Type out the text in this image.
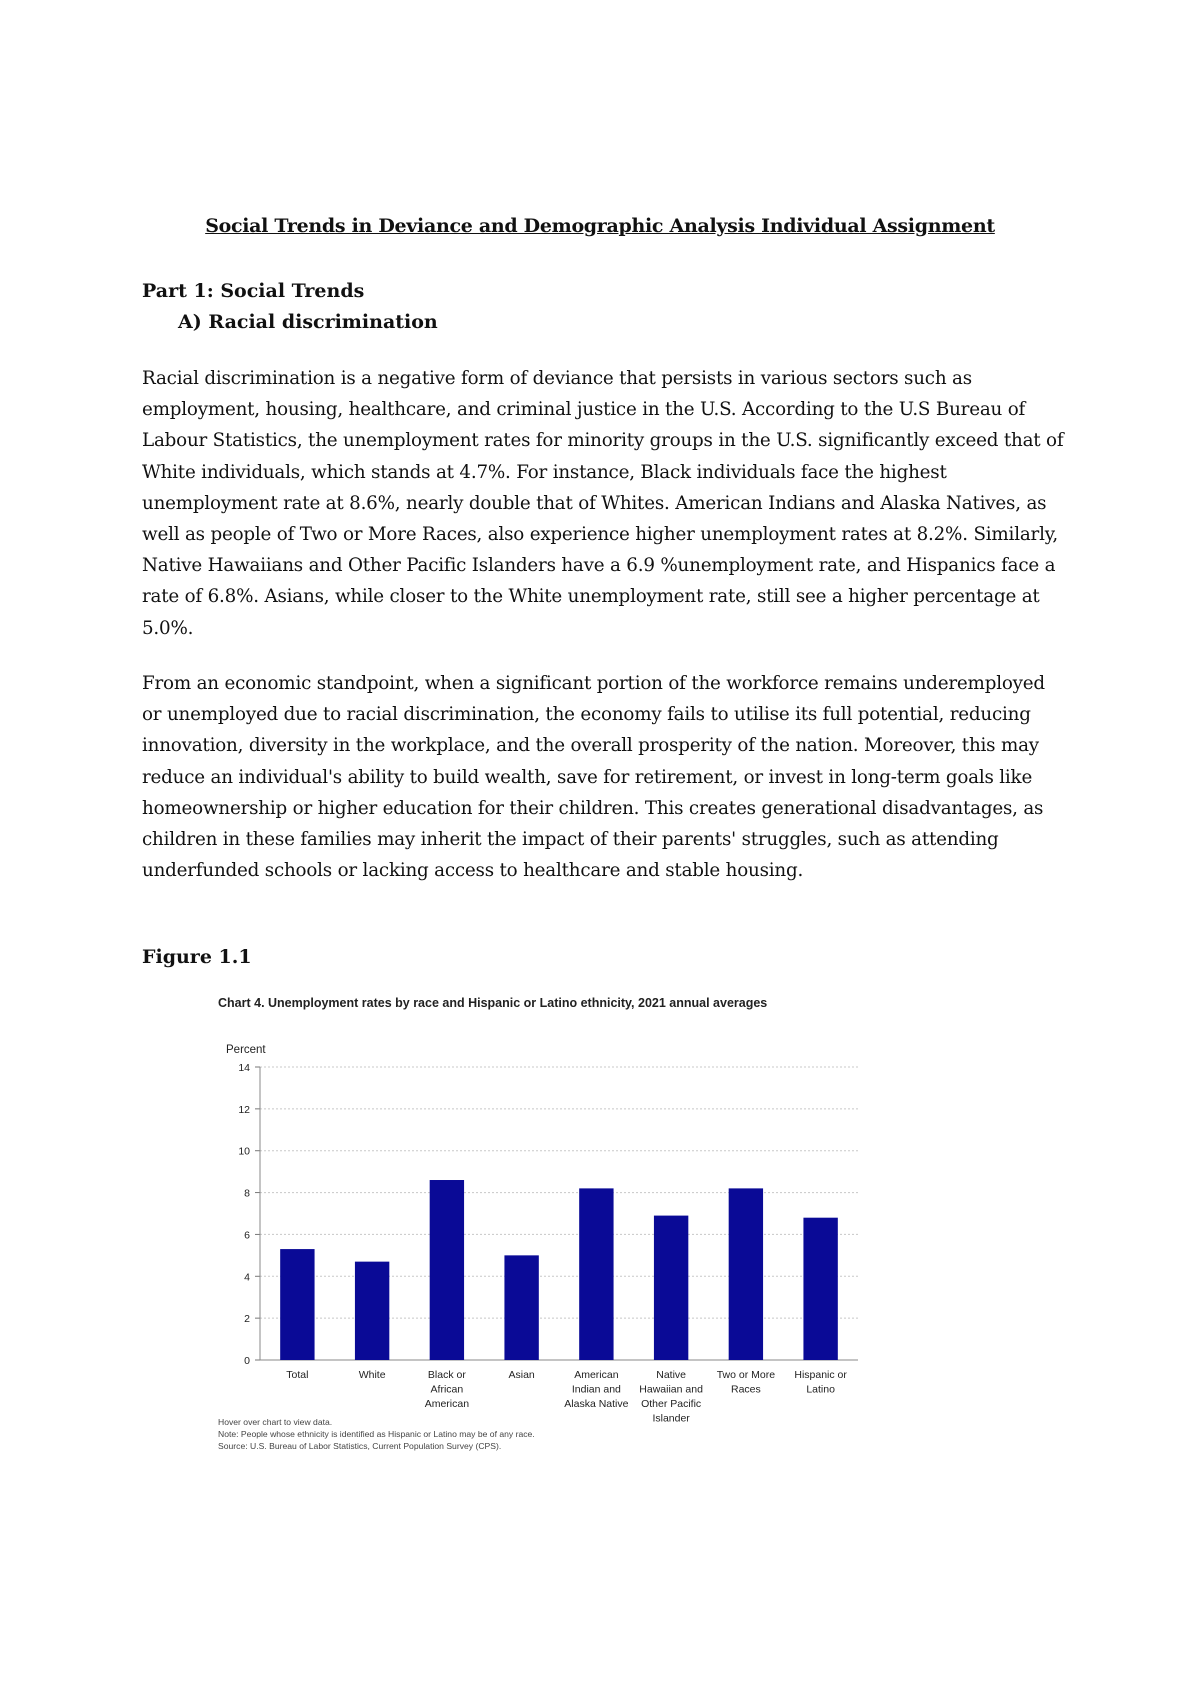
Social Trends in Deviance and Demographic Analysis Individual Assignment
Part 1: Social Trends
A) Racial discrimination

Racial discrimination is a negative form of deviance that persists in various sectors such as employment, housing, healthcare, and criminal justice in the U.S. According to the U.S Bureau of Labour Statistics, the unemployment rates for minority groups in the U.S. significantly exceed that of White individuals, which stands at 4.7%. For instance, Black individuals face the highest unemployment rate at 8.6%, nearly double that of Whites. American Indians and Alaska Natives, as well as people of Two or More Races, also experience higher unemployment rates at 8.2%. Similarly, Native Hawaiians and Other Pacific Islanders have a 6.9 %unemployment rate, and Hispanics face a rate of 6.8%. Asians, while closer to the White unemployment rate, still see a higher percentage at 5.0%.

From an economic standpoint, when a significant portion of the workforce remains underemployed or unemployed due to racial discrimination, the economy fails to utilise its full potential, reducing innovation, diversity in the workplace, and the overall prosperity of the nation. Moreover, this may reduce an individual's ability to build wealth, save for retirement, or invest in long-term goals like homeownership or higher education for their children. This creates generational disadvantages, as children in these families may inherit the impact of their parents' struggles, such as attending underfunded schools or lacking access to healthcare and stable housing.

Figure 1.1
Chart 4. Unemployment rates by race and Hispanic or Latino ethnicity, 2021 annual averages
Percent
0
2
4
6
8
10
12
14
Total	White	Black or African American
Asian	American Indian and Alaska Native
Native Hawaiian and Other Pacific Islander
Two or More Races
Hispanic or Latino
Hover over chart to view data.
Note: People whose ethnicity is identified as Hispanic or Latino may be of any race.
Source: U.S. Bureau of Labor Statistics, Current Population Survey (CPS).
